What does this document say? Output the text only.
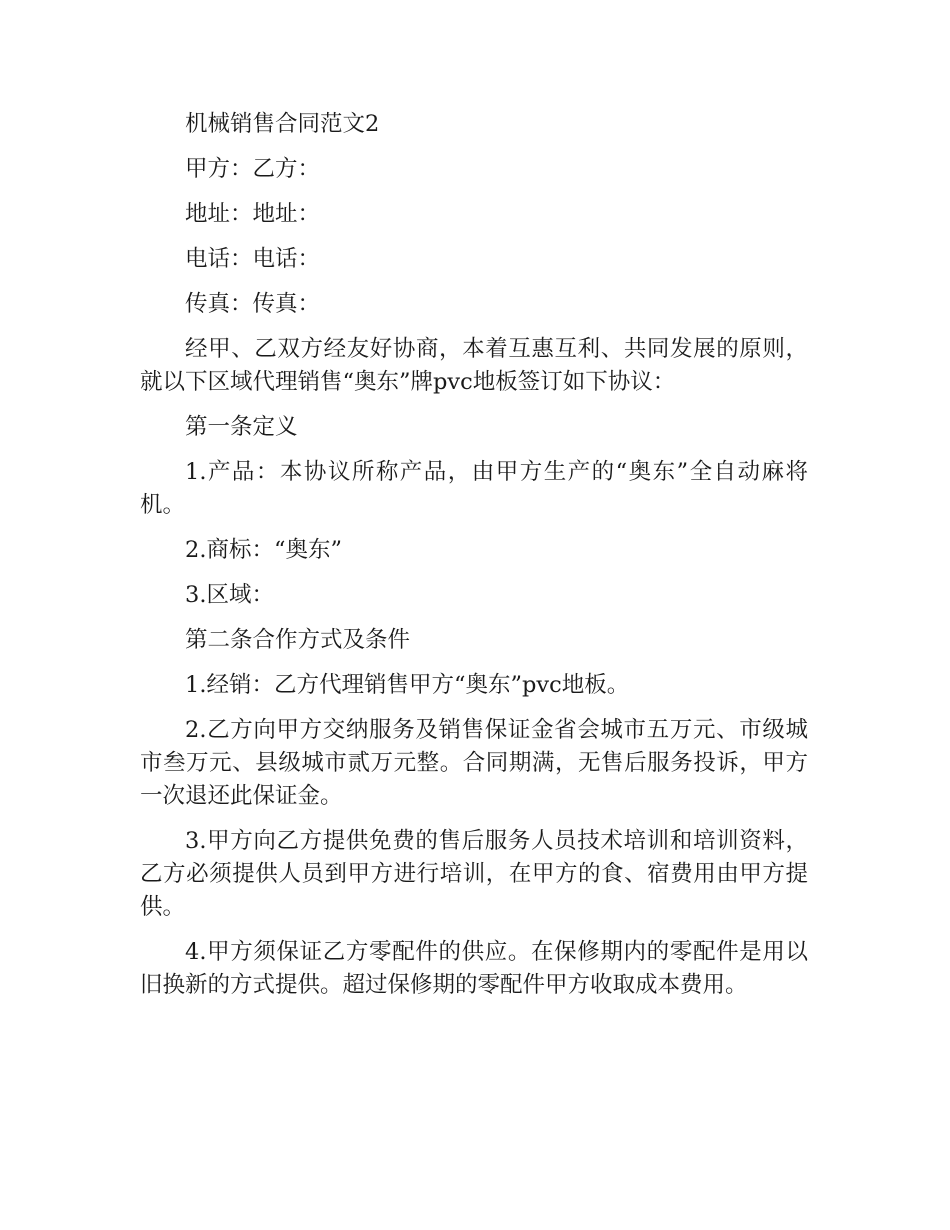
机械销售合同范文2

甲方：乙方：

地址：地址：

电话：电话：

传真：传真：

经甲、乙双方经友好协商，本着互惠互利、共同发展的原则，就以下区域代理销售“奥东”牌pvc地板签订如下协议：

第一条定义

1.产品：本协议所称产品，由甲方生产的“奥东”全自动麻将机。

2.商标：“奥东”

3.区域：

第二条合作方式及条件

1.经销：乙方代理销售甲方“奥东”pvc地板。

2.乙方向甲方交纳服务及销售保证金省会城市五万元、市级城市叁万元、县级城市贰万元整。合同期满，无售后服务投诉，甲方一次退还此保证金。

3.甲方向乙方提供免费的售后服务人员技术培训和培训资料，乙方必须提供人员到甲方进行培训，在甲方的食、宿费用由甲方提供。

4.甲方须保证乙方零配件的供应。在保修期内的零配件是用以旧换新的方式提供。超过保修期的零配件甲方收取成本费用。
